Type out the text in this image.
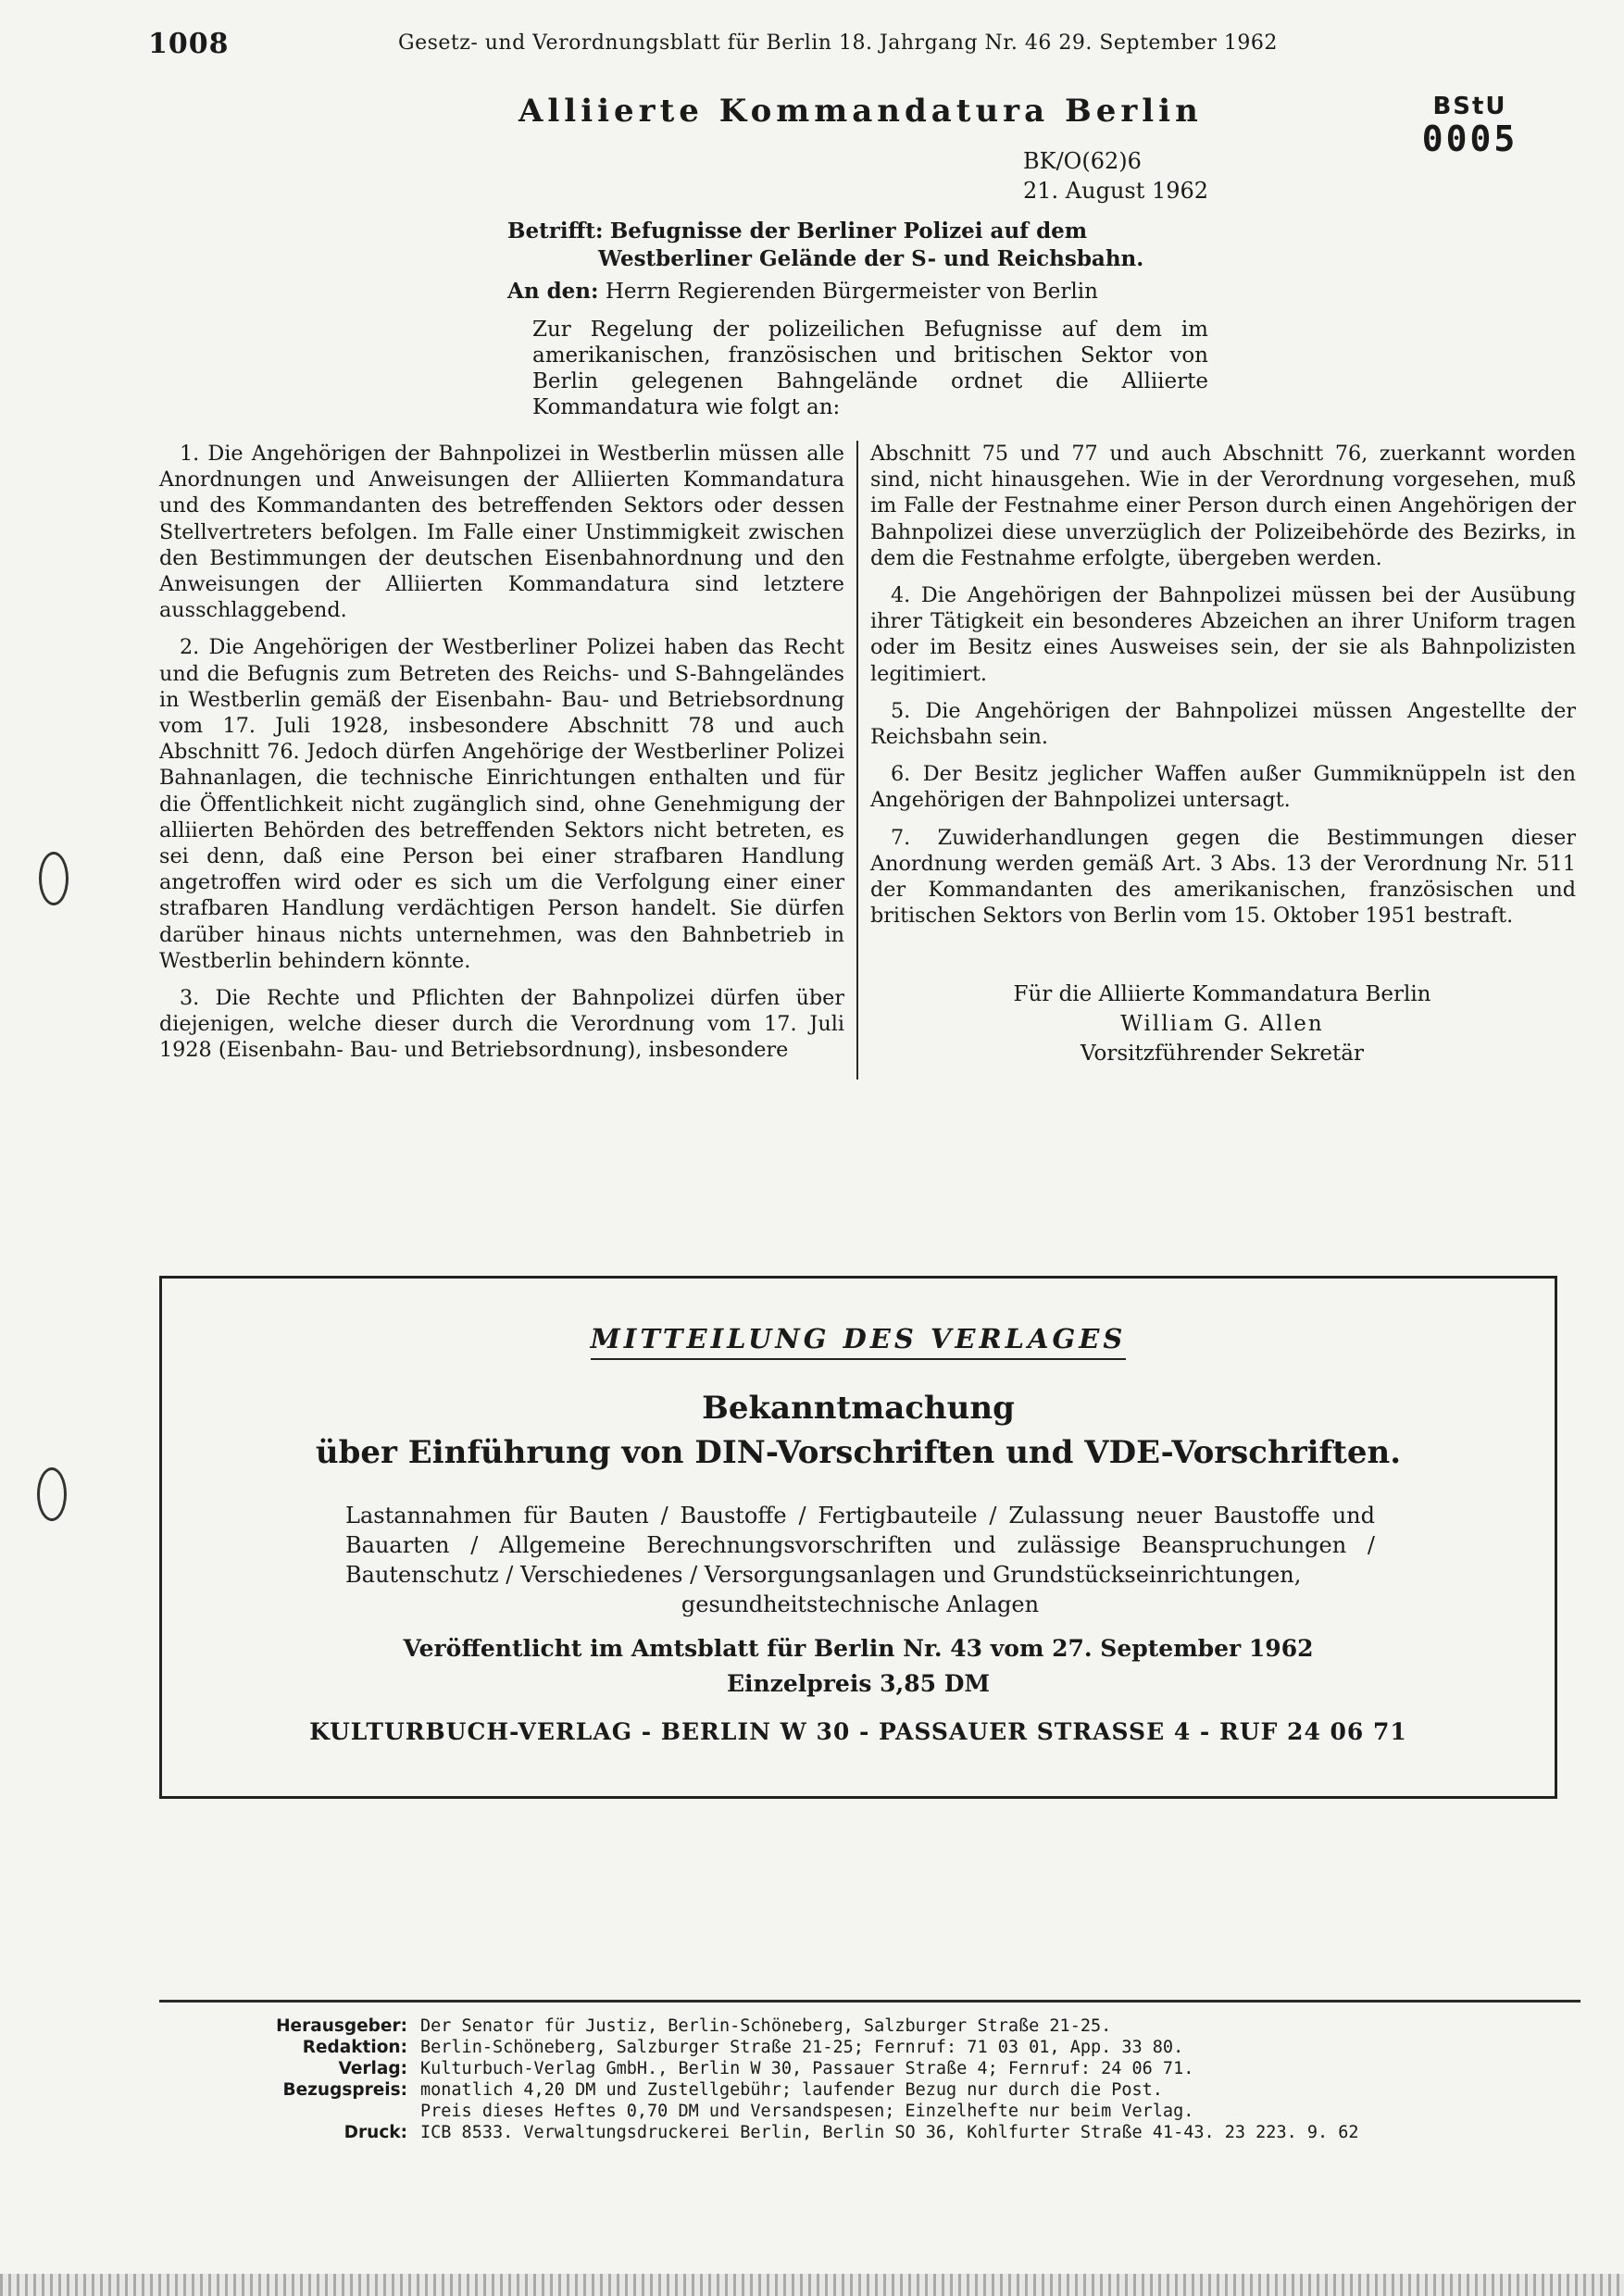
1008	Gesetz- und Verordnungsblatt für Berlin 18. Jahrgang Nr. 46 29. September 1962
BStU
0005
Alliierte Kommandatura Berlin
BK/O(62)6
21. August 1962
Betrifft: Befugnisse der Berliner Polizei auf dem
Westberliner Gelände der S- und Reichsbahn.
An den: Herrn Regierenden Bürgermeister von Berlin
Zur Regelung der polizeilichen Befugnisse auf dem im amerikanischen, französischen und britischen Sektor von Berlin gelegenen Bahngelände ordnet die Alliierte Kommandatura wie folgt an:

1. Die Angehörigen der Bahnpolizei in Westberlin müssen alle Anordnungen und Anweisungen der Alliierten Kommandatura und des Kommandanten des betreffenden Sektors oder dessen Stellvertreters befolgen. Im Falle einer Unstimmigkeit zwischen den Bestimmungen der deutschen Eisenbahnordnung und den Anweisungen der Alliierten Kommandatura sind letztere ausschlaggebend.

2. Die Angehörigen der Westberliner Polizei haben das Recht und die Befugnis zum Betreten des Reichs- und S-Bahngeländes in Westberlin gemäß der Eisenbahn- Bau- und Betriebsordnung vom 17. Juli 1928, insbesondere Abschnitt 78 und auch Abschnitt 76. Jedoch dürfen Angehörige der Westberliner Polizei Bahnanlagen, die technische Einrichtungen enthalten und für die Öffentlichkeit nicht zugänglich sind, ohne Genehmigung der alliierten Behörden des betreffenden Sektors nicht betreten, es sei denn, daß eine Person bei einer strafbaren Handlung angetroffen wird oder es sich um die Verfolgung einer einer strafbaren Handlung verdächtigen Person handelt. Sie dürfen darüber hinaus nichts unternehmen, was den Bahnbetrieb in Westberlin behindern könnte.

3. Die Rechte und Pflichten der Bahnpolizei dürfen über diejenigen, welche dieser durch die Verordnung vom 17. Juli 1928 (Eisenbahn- Bau- und Betriebsordnung), insbesondere

Abschnitt 75 und 77 und auch Abschnitt 76, zuerkannt worden sind, nicht hinausgehen. Wie in der Verordnung vorgesehen, muß im Falle der Festnahme einer Person durch einen Angehörigen der Bahnpolizei diese unverzüglich der Polizeibehörde des Bezirks, in dem die Festnahme erfolgte, übergeben werden.

4. Die Angehörigen der Bahnpolizei müssen bei der Ausübung ihrer Tätigkeit ein besonderes Abzeichen an ihrer Uniform tragen oder im Besitz eines Ausweises sein, der sie als Bahnpolizisten legitimiert.

5. Die Angehörigen der Bahnpolizei müssen Angestellte der Reichsbahn sein.

6. Der Besitz jeglicher Waffen außer Gummiknüppeln ist den Angehörigen der Bahnpolizei untersagt.

7. Zuwiderhandlungen gegen die Bestimmungen dieser Anordnung werden gemäß Art. 3 Abs. 13 der Verordnung Nr. 511 der Kommandanten des amerikanischen, französischen und britischen Sektors von Berlin vom 15. Oktober 1951 bestraft.

Für die Alliierte Kommandatura Berlin
William G. Allen
Vorsitzführender Sekretär
MITTEILUNG DES VERLAGES
Bekanntmachung
über Einführung von DIN-Vorschriften und VDE-Vorschriften.
Lastannahmen für Bauten / Baustoffe / Fertigbauteile / Zulassung neuer Baustoffe und Bauarten / Allgemeine Berechnungsvorschriften und zulässige Beanspruchungen / Bautenschutz / Verschiedenes / Versorgungsanlagen und Grundstückseinrichtungen,
gesundheitstechnische Anlagen
Veröffentlicht im Amtsblatt für Berlin Nr. 43 vom 27. September 1962
Einzelpreis 3,85 DM
KULTURBUCH-VERLAG - BERLIN W 30 - PASSAUER STRASSE 4 - RUF 24 06 71
Herausgeber: Der Senator für Justiz, Berlin-Schöneberg, Salzburger Straße 21-25.
Redaktion: Berlin-Schöneberg, Salzburger Straße 21-25; Fernruf: 71 03 01, App. 33 80.
Verlag: Kulturbuch-Verlag GmbH., Berlin W 30, Passauer Straße 4; Fernruf: 24 06 71.
Bezugspreis: monatlich 4,20 DM und Zustellgebühr; laufender Bezug nur durch die Post.
Preis dieses Heftes 0,70 DM und Versandspesen; Einzelhefte nur beim Verlag.
Druck: ICB 8533. Verwaltungsdruckerei Berlin, Berlin SO 36, Kohlfurter Straße 41-43. 23 223. 9. 62
